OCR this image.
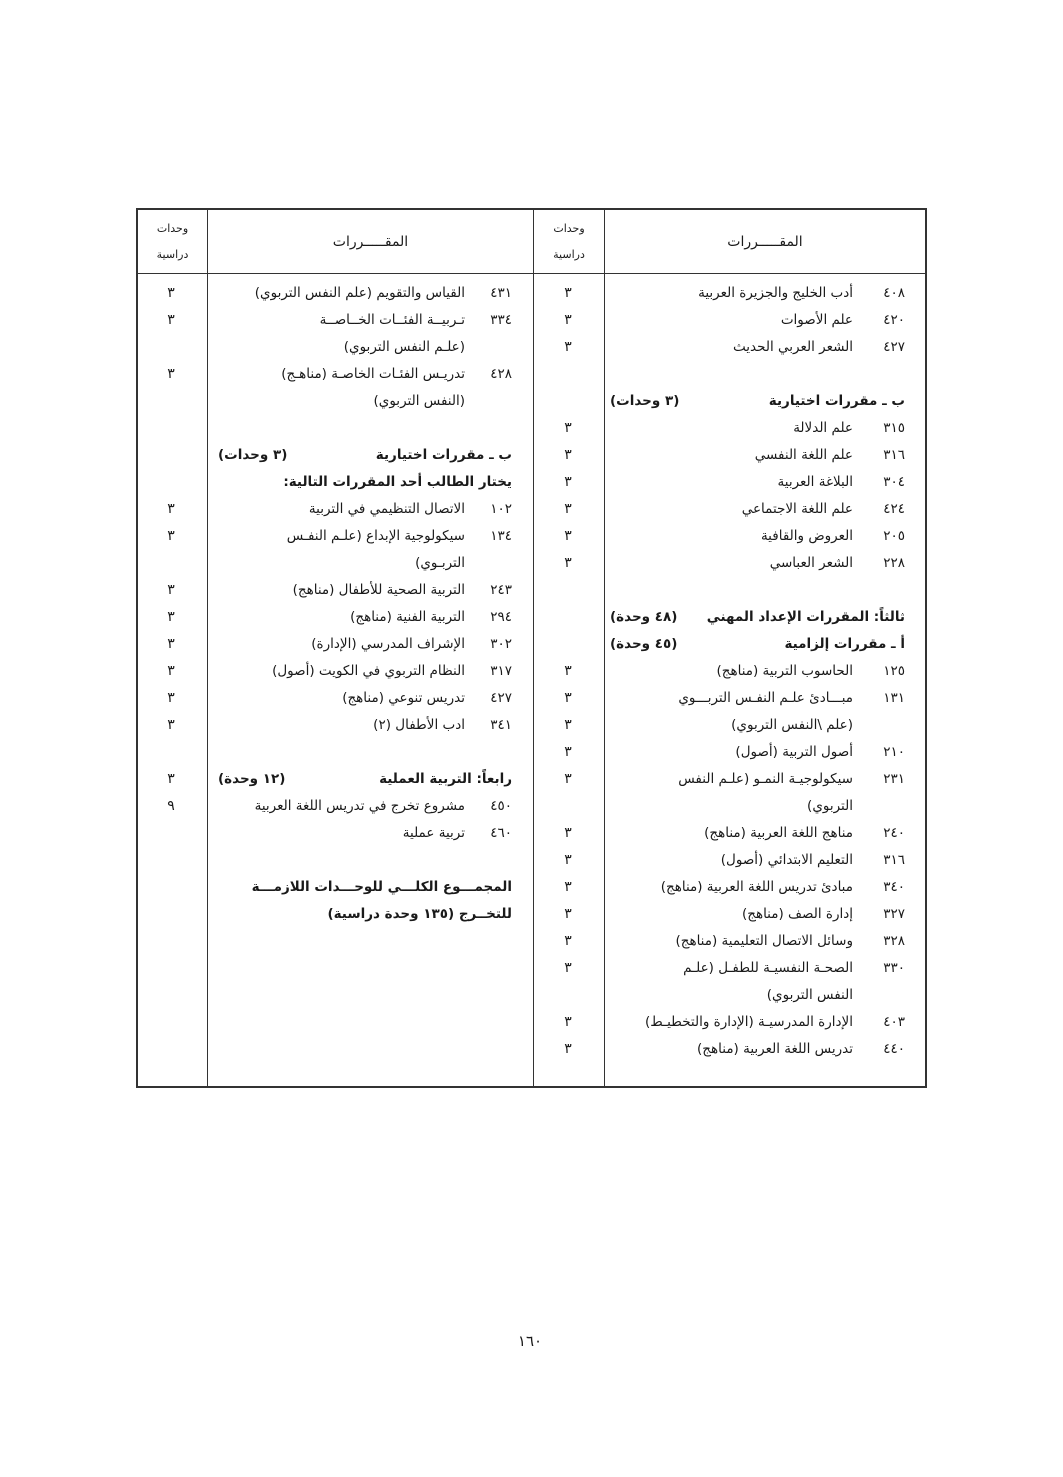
وحدات
دراسية
المقـــــررات
وحدات
دراسية
المقـــــررات
٤٠٨
أدب الخليج والجزيرة العربية
٣
٤٢٠
علم الأصوات
٣
٤٢٧
الشعر العربي الحديث
٣
ب ـ مقررات اختيارية
(٣ وحدات)
٣١٥
علم الدلالة
٣
٣١٦
علم اللغة النفسي
٣
٣٠٤
البلاغة العربية
٣
٤٢٤
علم اللغة الاجتماعي
٣
٢٠٥
العروض والقافية
٣
٢٢٨
الشعر العباسي
٣
ثالثاً: المقررات الإعداد المهني
(٤٨ وحدة)
أ ـ مقررات إلزامية
(٤٥ وحدة)
١٢٥
الحاسوب التربية (مناهج)
٣
١٣١
مبـــادئ علـم النفـس التربـــوي
٣
(علم \النفس التربوي)
٣
٢١٠
أصول التربية (أصول)
٣
٢٣١
سيكولوجيـة النمـو (علـم النفس
٣
التربوي)
٢٤٠
مناهج اللغة العربية (مناهج)
٣
٣١٦
التعليم الابتدائي (أصول)
٣
٣٤٠
مبادئ تدريس اللغة العربية (مناهج)
٣
٣٢٧
إدارة الصف (مناهج)
٣
٣٢٨
وسائل الاتصال التعليمية (مناهج)
٣
٣٣٠
الصحـة النفسيـة للطفـل (علـم
٣
النفس التربوي)
٤٠٣
الإدارة المدرسيـة (الإدارة والتخطيـط)
٣
٤٤٠
تدريس اللغة العربية (مناهج)
٣
٤٣١
القياس والتقويم (علم النفس التربوي)
٣
٣٣٤
تـربيــة الفئــات الخــاصــة
٣
(علـم النفس التربوي)
٤٢٨
تدريـس الفئـات الخاصـة (مناهـج)
٣
(النفس التربوي)
ب ـ مقررات اختيارية
(٣ وحدات)
يختار الطالب أحد المقررات التالية:
١٠٢
الاتصال التنظيمي في التربية
٣
١٣٤
سيكولوجية الإبداع (علـم النفـس
٣
التربـوي)
٢٤٣
التربية الصحية للأطفال (مناهج)
٣
٢٩٤
التربية الفنية (مناهج)
٣
٣٠٢
الإشراف المدرسي (الإدارة)
٣
٣١٧
النظام التربوي في الكويت (أصول)
٣
٤٢٧
تدريس تنوعي (مناهج)
٣
٣٤١
ادب الأطفال (٢)
٣
رابعاً: التربية العملية
(١٢ وحدة)
٣
٤٥٠
مشروع تخرج في تدريس اللغة العربية
٩
٤٦٠
تربية عملية
المجمـــوع الكلـــي للوحـــدات اللازمـــة
للتخــرج (١٣٥ وحدة دراسية)
١٦٠
